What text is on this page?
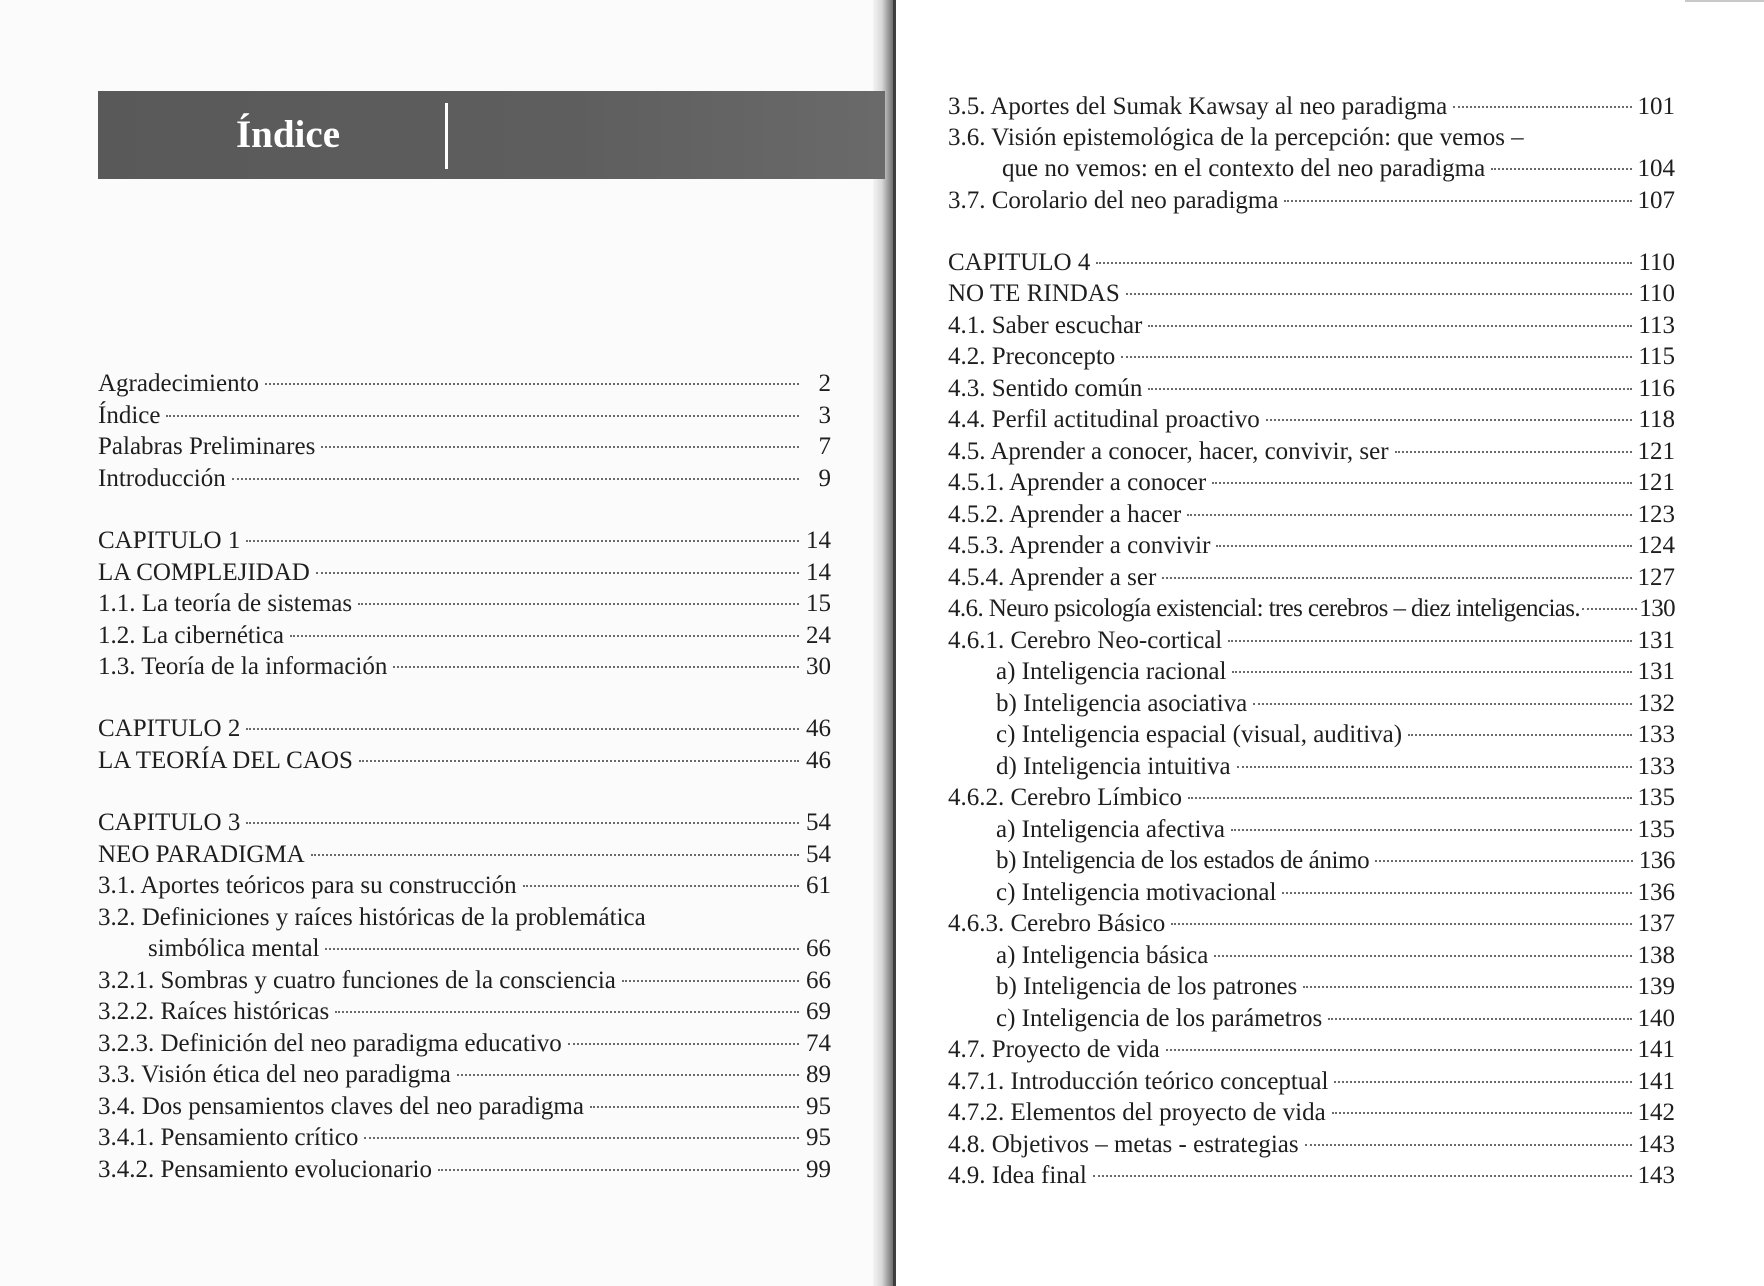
Índice
Agradecimiento	2
Índice	3
Palabras Preliminares	7
Introducción	9
CAPITULO 1	14
LA COMPLEJIDAD	14
1.1. La teoría de sistemas	15
1.2. La cibernética	24
1.3. Teoría de la información	30
CAPITULO 2	46
LA TEORÍA DEL CAOS	46
CAPITULO 3	54
NEO PARADIGMA	54
3.1. Aportes teóricos para su construcción	61
3.2. Definiciones y raíces históricas de la problemática
simbólica mental	66
3.2.1. Sombras y cuatro funciones de la consciencia	66
3.2.2. Raíces históricas	69
3.2.3. Definición del neo paradigma educativo	74
3.3. Visión ética del neo paradigma	89
3.4. Dos pensamientos claves del neo paradigma	95
3.4.1. Pensamiento crítico	95
3.4.2. Pensamiento evolucionario	99
3.5. Aportes del Sumak Kawsay al neo paradigma	101
3.6. Visión epistemológica de la percepción: que vemos –
que no vemos: en el contexto del neo paradigma	104
3.7. Corolario del neo paradigma	107
CAPITULO 4	110
NO TE RINDAS	110
4.1. Saber escuchar	113
4.2. Preconcepto	115
4.3. Sentido común	116
4.4. Perfil actitudinal proactivo	118
4.5. Aprender a conocer, hacer, convivir, ser	121
4.5.1. Aprender a conocer	121
4.5.2. Aprender a hacer	123
4.5.3. Aprender a convivir	124
4.5.4. Aprender a ser	127
4.6. Neuro psicología existencial: tres cerebros – diez inteligencias. 130
4.6.1. Cerebro Neo-cortical	131
a) Inteligencia racional	131
b) Inteligencia asociativa	132
c) Inteligencia espacial (visual, auditiva)	133
d) Inteligencia intuitiva	133
4.6.2. Cerebro Límbico	135
a) Inteligencia afectiva	135
b) Inteligencia de los estados de ánimo	136
c) Inteligencia motivacional	136
4.6.3. Cerebro Básico	137
a) Inteligencia básica	138
b) Inteligencia de los patrones	139
c) Inteligencia de los parámetros	140
4.7. Proyecto de vida	141
4.7.1. Introducción teórico conceptual	141
4.7.2. Elementos del proyecto de vida	142
4.8. Objetivos – metas - estrategias	143
4.9. Idea final	143
